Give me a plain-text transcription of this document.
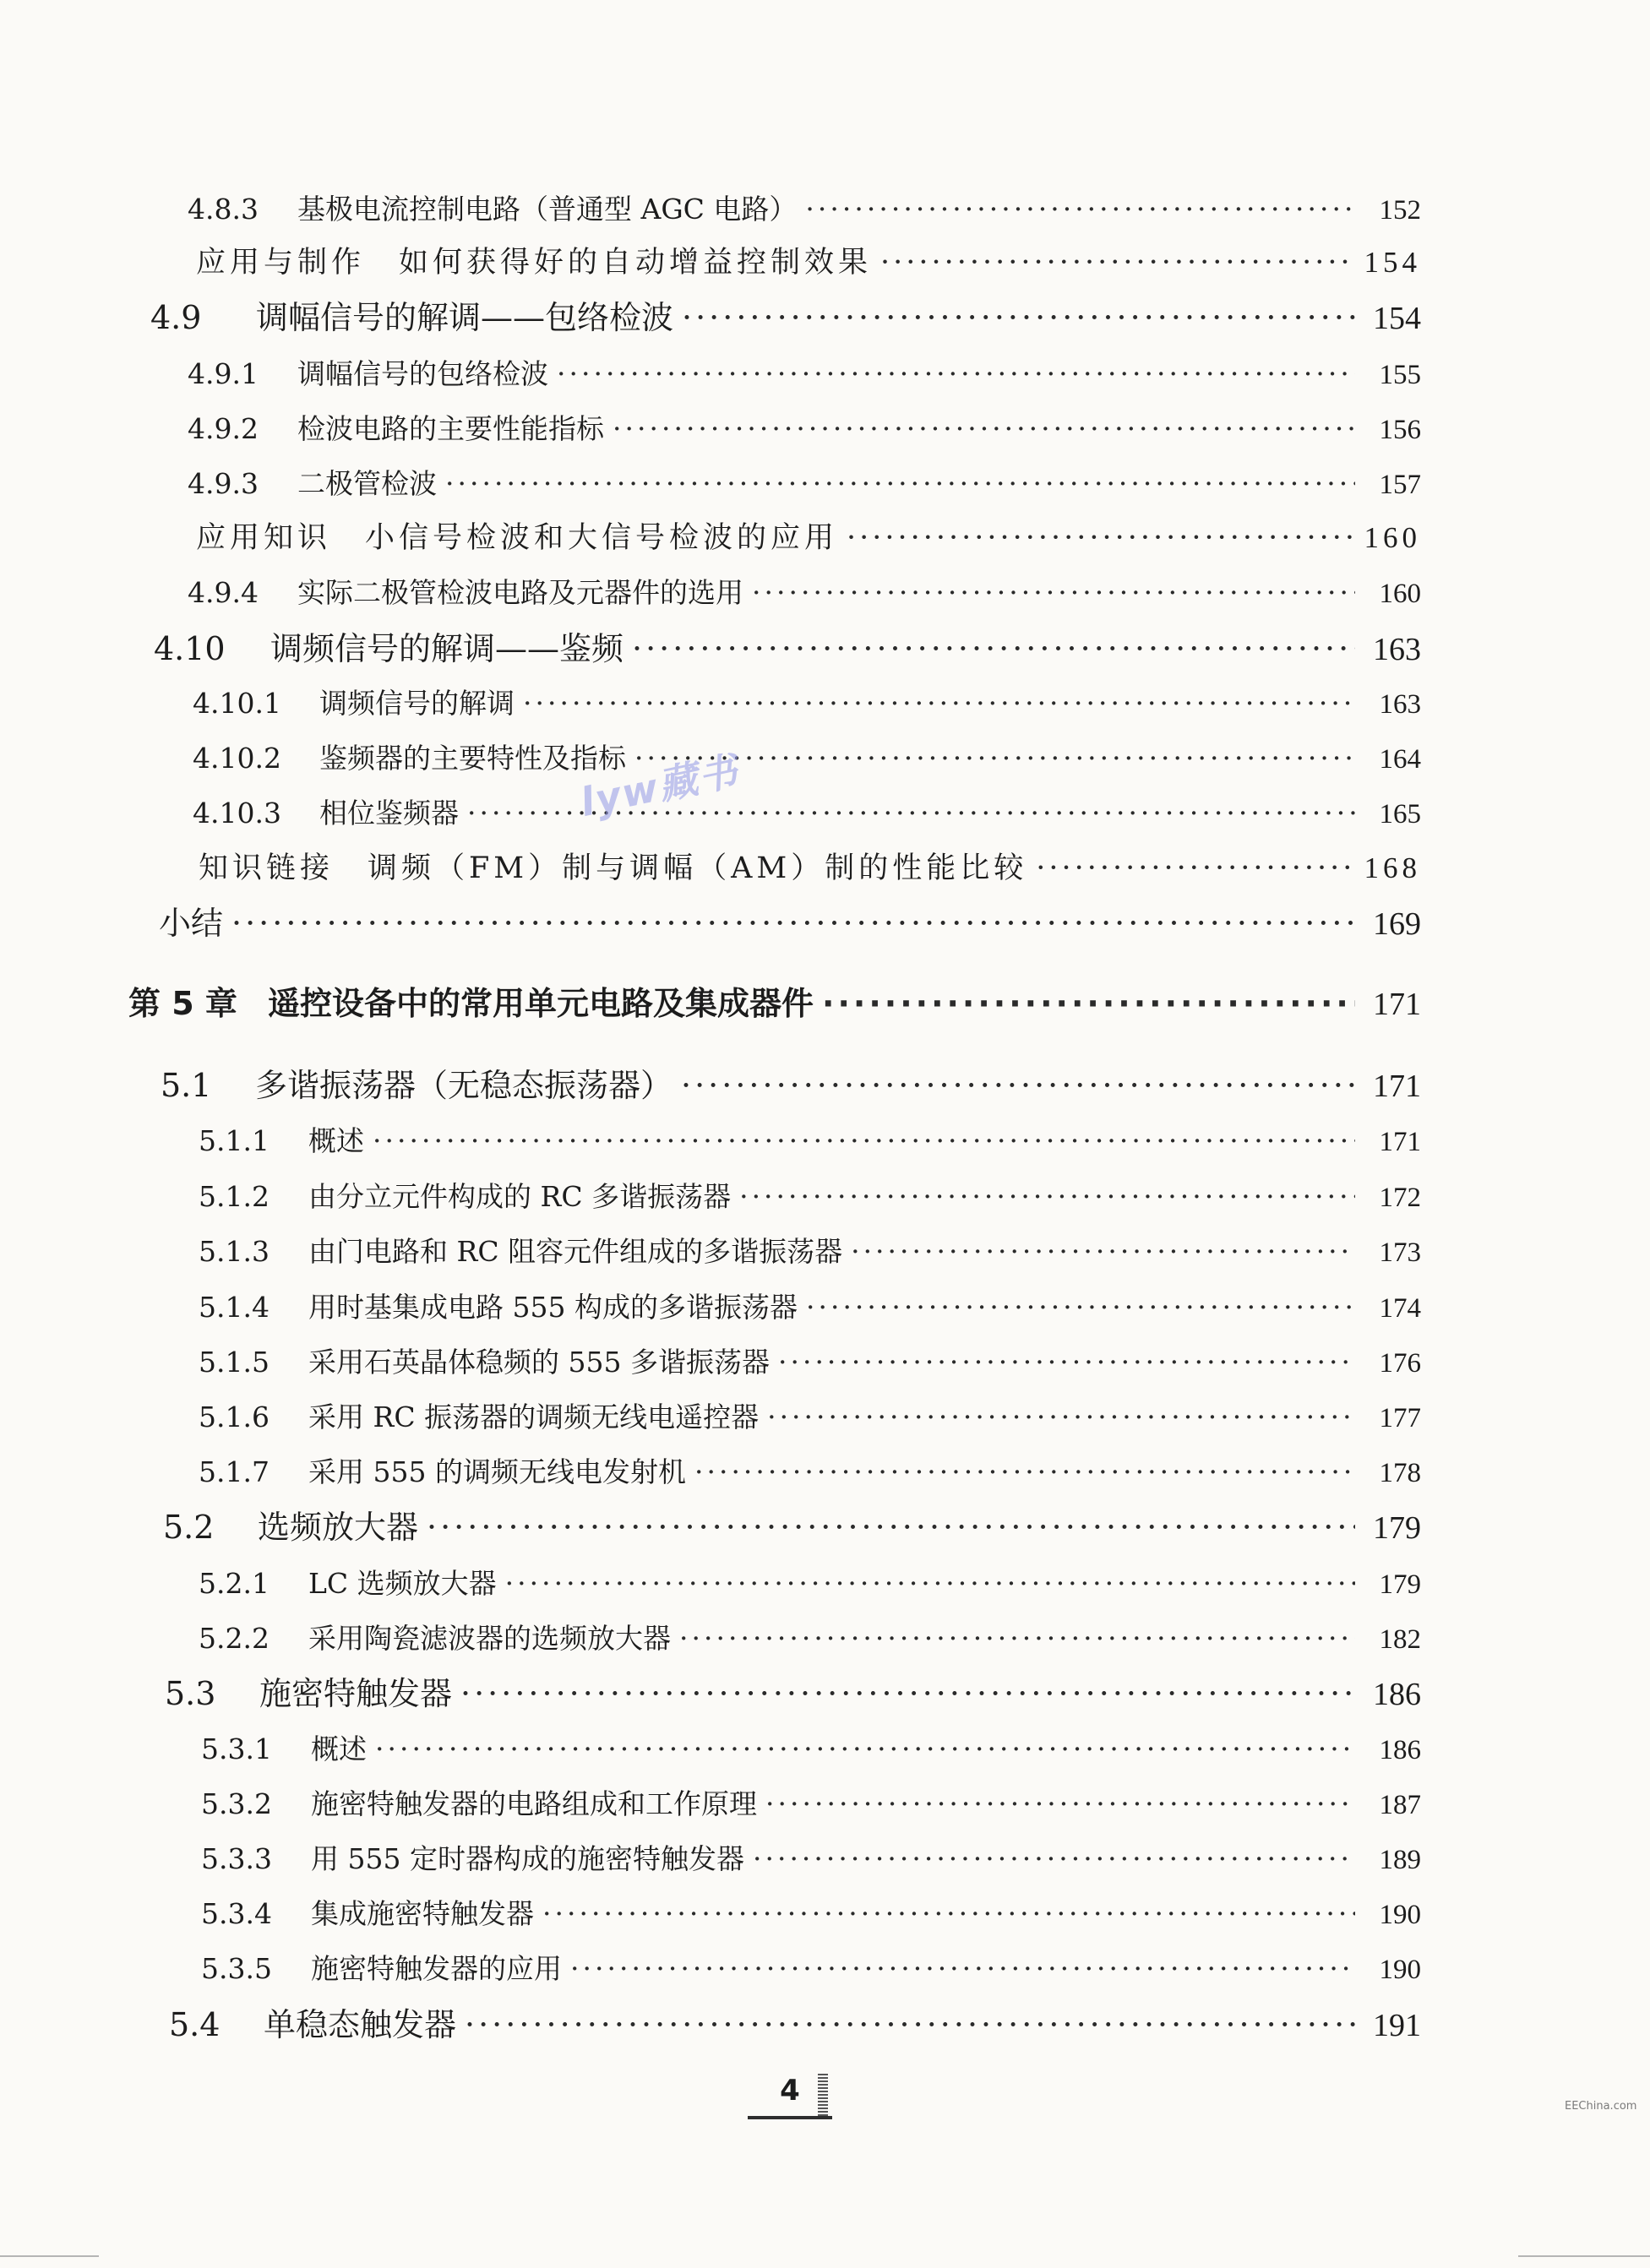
4.8.3	基极电流控制电路（普通型 AGC 电路） ·····	152
应用与制作　如何获得好的自动增益控制效果 ·····	154
4.9	调幅信号的解调——包络检波 ·····	154
4.9.1	调幅信号的包络检波 ·····	155
4.9.2	检波电路的主要性能指标 ·····	156
4.9.3	二极管检波 ·····	157
应用知识　小信号检波和大信号检波的应用 ·····	160
4.9.4	实际二极管检波电路及元器件的选用 ·····	160
4.10	调频信号的解调——鉴频 ·····	163
4.10.1	调频信号的解调 ·····	163
4.10.2	鉴频器的主要特性及指标 ·····	164
4.10.3	相位鉴频器 ·····	165
知识链接　调频（FM）制与调幅（AM）制的性能比较 ·····	168
小结 ·····	169
第 5 章 遥控设备中的常用单元电路及集成器件 ·····	171
5.1	多谐振荡器（无稳态振荡器） ·····	171
5.1.1	概述 ·····	171
5.1.2	由分立元件构成的 RC 多谐振荡器 ·····	172
5.1.3	由门电路和 RC 阻容元件组成的多谐振荡器 ·····	173
5.1.4	用时基集成电路 555 构成的多谐振荡器 ·····	174
5.1.5	采用石英晶体稳频的 555 多谐振荡器 ·····	176
5.1.6	采用 RC 振荡器的调频无线电遥控器 ·····	177
5.1.7	采用 555 的调频无线电发射机 ·····	178
5.2	选频放大器 ·····	179
5.2.1	LC 选频放大器 ·····	179
5.2.2	采用陶瓷滤波器的选频放大器 ·····	182
5.3	施密特触发器 ·····	186
5.3.1	概述 ·····	186
5.3.2	施密特触发器的电路组成和工作原理 ·····	187
5.3.3	用 555 定时器构成的施密特触发器 ·····	189
5.3.4	集成施密特触发器 ·····	190
5.3.5	施密特触发器的应用 ·····	190
5.4	单稳态触发器 ·····	191
lyw藏书
4	EEChina.com
